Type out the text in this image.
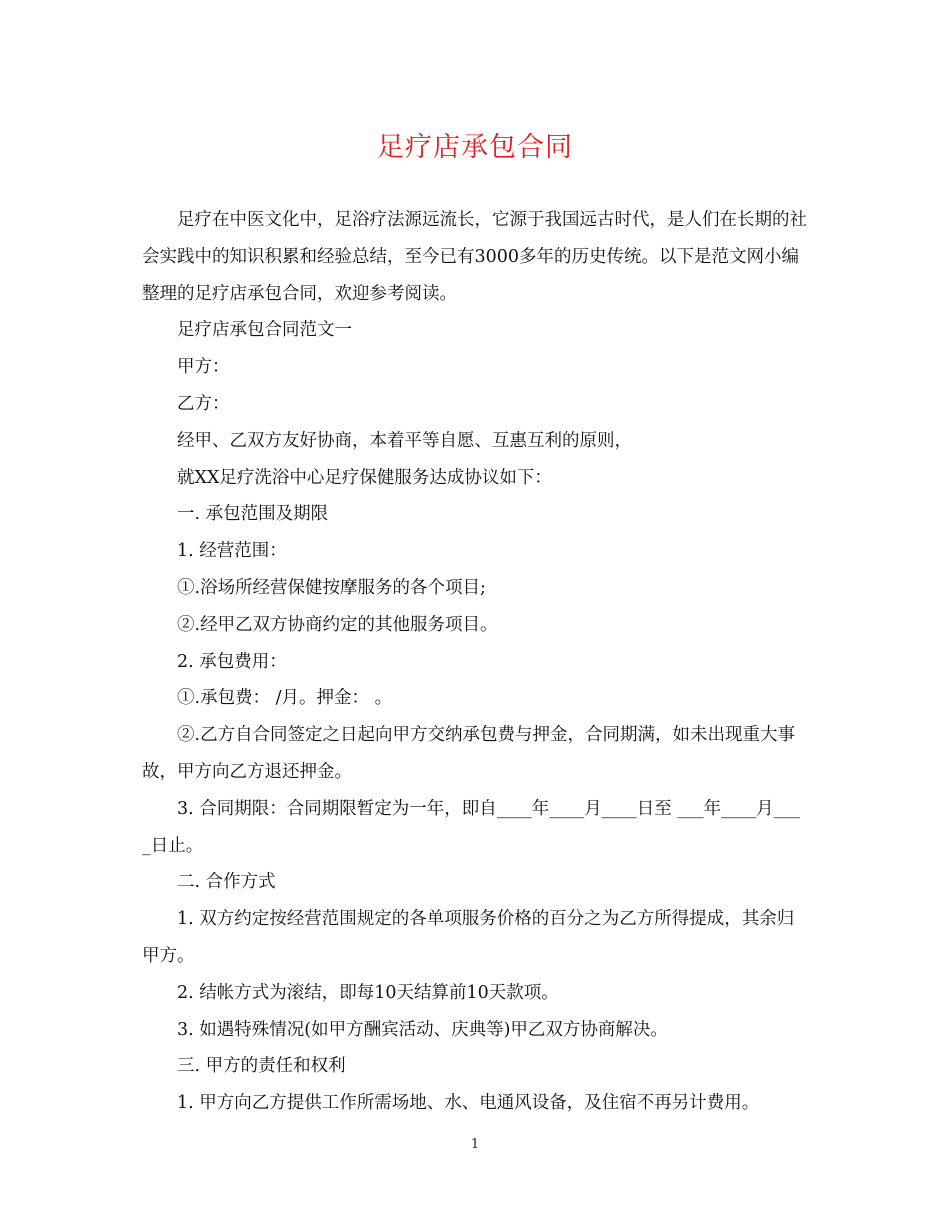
足疗店承包合同

足疗在中医文化中，足浴疗法源远流长，它源于我国远古时代，是人们在长期的社会实践中的知识积累和经验总结，至今已有3000多年的历史传统。以下是范文网小编整理的足疗店承包合同，欢迎参考阅读。

足疗店承包合同范文一

甲方：

乙方：

经甲、乙双方友好协商，本着平等自愿、互惠互利的原则，

就XX足疗洗浴中心足疗保健服务达成协议如下：

一. 承包范围及期限

1. 经营范围：

①.浴场所经营保健按摩服务的各个项目;

②.经甲乙双方协商约定的其他服务项目。

2. 承包费用：

①.承包费： /月。押金： 。

②.乙方自合同签定之日起向甲方交纳承包费与押金，合同期满，如未出现重大事故，甲方向乙方退还押金。

3. 合同期限：合同期限暂定为一年，即自____年____月____日至 ___年____月____日止。

二. 合作方式

1. 双方约定按经营范围规定的各单项服务价格的百分之为乙方所得提成，其余归甲方。

2. 结帐方式为滚结，即每10天结算前10天款项。

3. 如遇特殊情况(如甲方酬宾活动、庆典等)甲乙双方协商解决。

三. 甲方的责任和权利

1. 甲方向乙方提供工作所需场地、水、电通风设备，及住宿不再另计费用。

1
